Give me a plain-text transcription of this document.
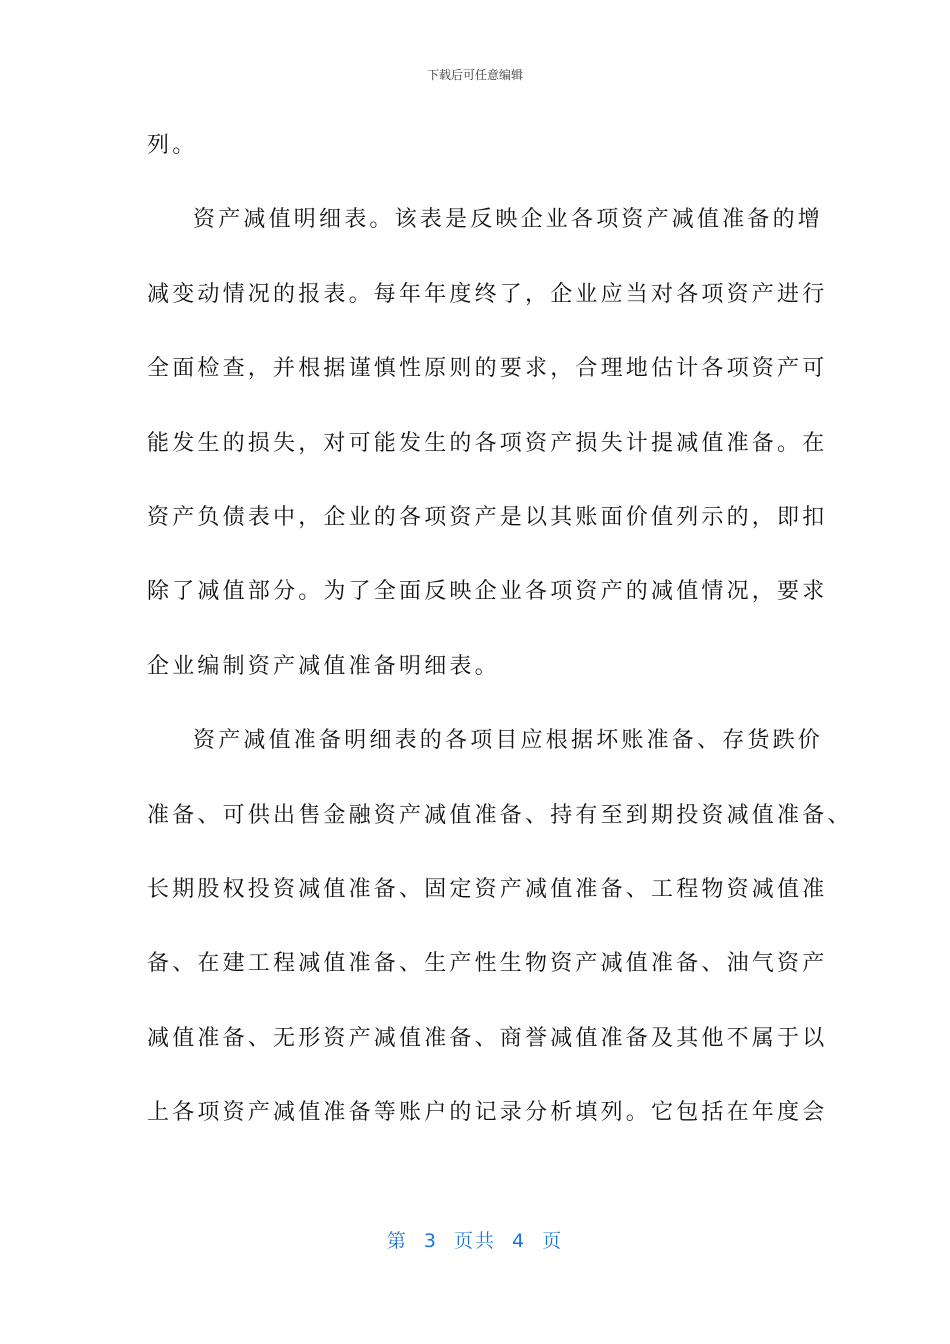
下载后可任意编辑
列。
资产减值明细表。该表是反映企业各项资产减值准备的增
减变动情况的报表。每年年度终了，企业应当对各项资产进行
全面检查，并根据谨慎性原则的要求，合理地估计各项资产可
能发生的损失，对可能发生的各项资产损失计提减值准备。在
资产负债表中，企业的各项资产是以其账面价值列示的，即扣
除了减值部分。为了全面反映企业各项资产的减值情况，要求
企业编制资产减值准备明细表。
资产减值准备明细表的各项目应根据坏账准备、存货跌价
准备、可供出售金融资产减值准备、持有至到期投资减值准备、
长期股权投资减值准备、固定资产减值准备、工程物资减值准
备、在建工程减值准备、生产性生物资产减值准备、油气资产
减值准备、无形资产减值准备、商誉减值准备及其他不属于以
上各项资产减值准备等账户的记录分析填列。它包括在年度会
第 3 页共 4 页
